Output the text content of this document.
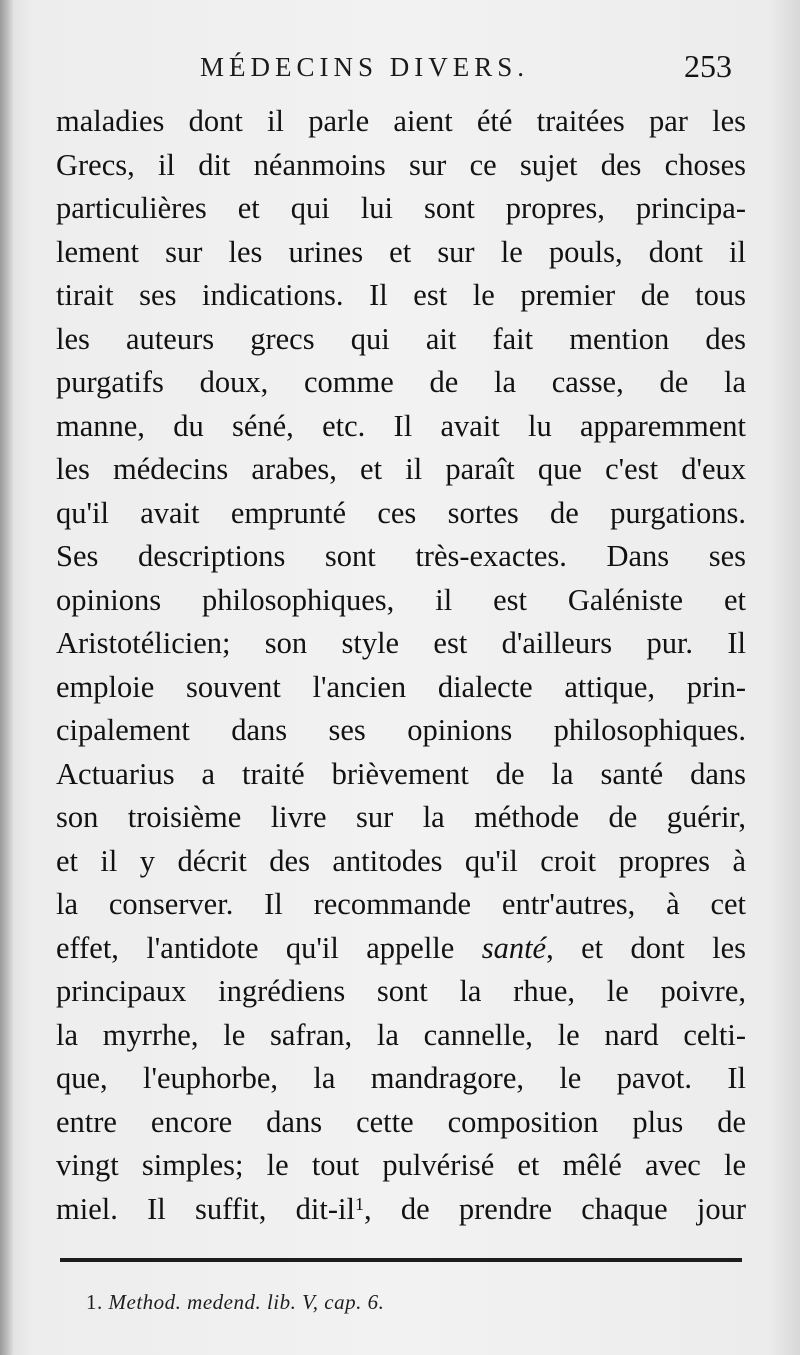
MÉDECINS DIVERS.	253
maladies dont il parle aient été traitées par les
Grecs, il dit néanmoins sur ce sujet des choses
particulières et qui lui sont propres, principa-
lement sur les urines et sur le pouls, dont il
tirait ses indications. Il est le premier de tous
les auteurs grecs qui ait fait mention des
purgatifs doux, comme de la casse, de la
manne, du séné, etc. Il avait lu apparemment
les médecins arabes, et il paraît que c'est d'eux
qu'il avait emprunté ces sortes de purgations.
Ses descriptions sont très-exactes. Dans ses
opinions philosophiques, il est Galéniste et
Aristotélicien; son style est d'ailleurs pur. Il
emploie souvent l'ancien dialecte attique, prin-
cipalement dans ses opinions philosophiques.
Actuarius a traité brièvement de la santé dans
son troisième livre sur la méthode de guérir,
et il y décrit des antitodes qu'il croit propres à
la conserver. Il recommande entr'autres, à cet
effet, l'antidote qu'il appelle santé, et dont les
principaux ingrédiens sont la rhue, le poivre,
la myrrhe, le safran, la cannelle, le nard celti-
que, l'euphorbe, la mandragore, le pavot. Il
entre encore dans cette composition plus de
vingt simples; le tout pulvérisé et mêlé avec le
miel. Il suffit, dit-$il^1$, de prendre chaque jour
1. Method. medend. lib. V, cap. 6.
